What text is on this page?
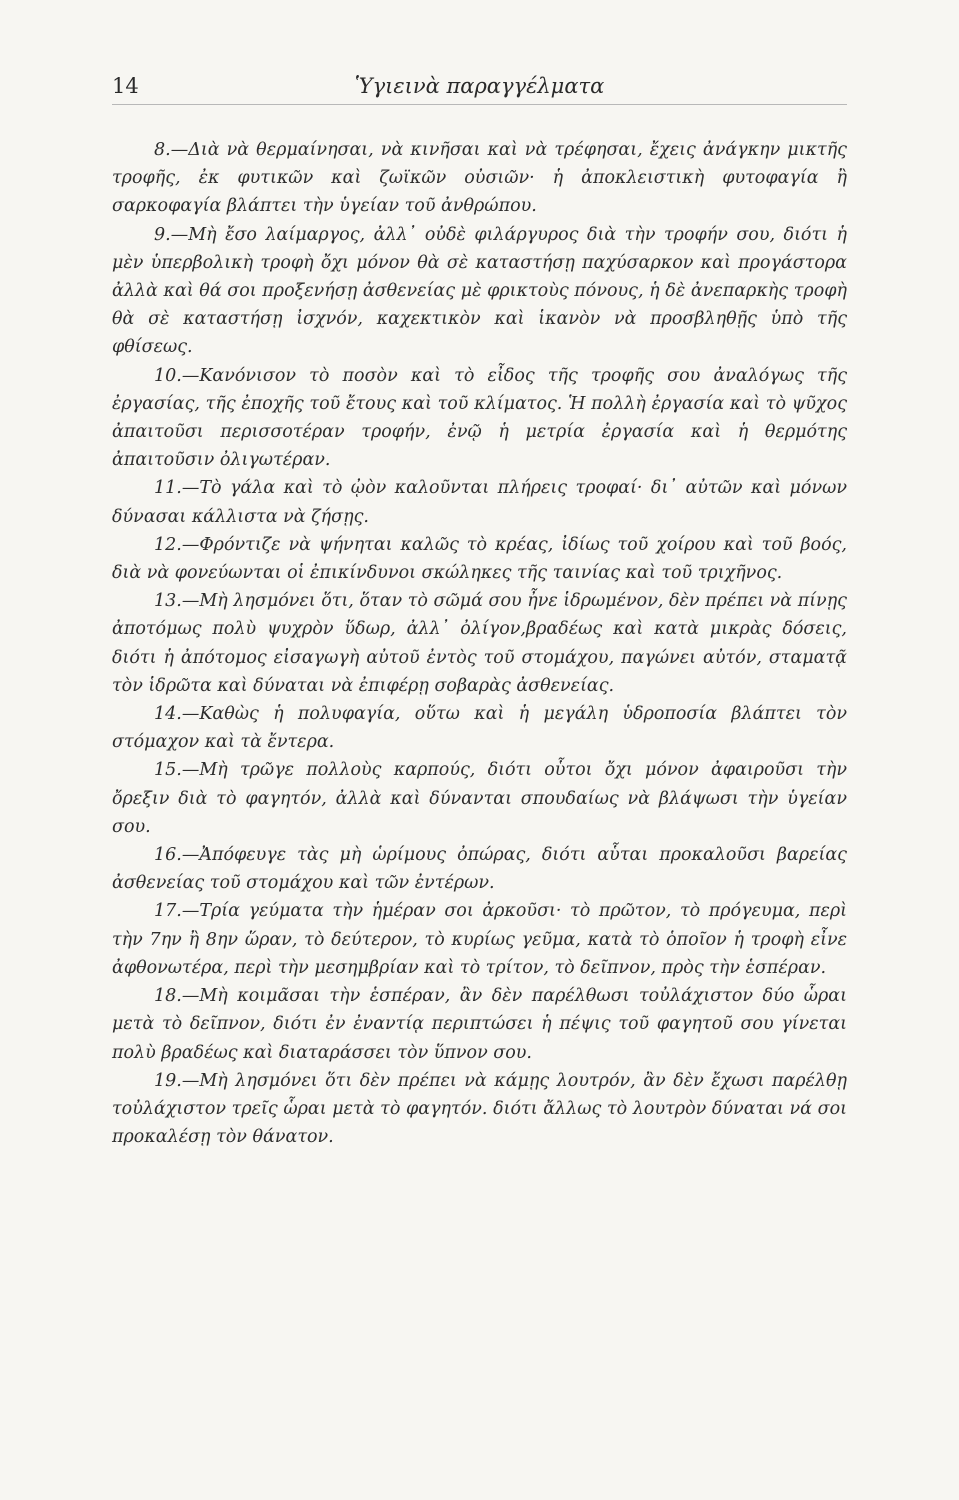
14	Ὑγιεινὰ παραγγέλματα

8.—Διὰ νὰ θερμαίνησαι, νὰ κινῆσαι καὶ νὰ τρέφησαι, ἔχεις ἀνάγκην μικτῆς τροφῆς, ἐκ φυτικῶν καὶ ζωϊκῶν οὐσιῶν· ἡ ἀποκλειστικὴ φυτοφαγία ἢ σαρκοφαγία βλάπτει τὴν ὑγείαν τοῦ ἀνθρώπου.

9.—Μὴ ἔσο λαίμαργος, ἀλλ᾽ οὐδὲ φιλάργυρος διὰ τὴν τροφήν σου, διότι ἡ μὲν ὑπερβολικὴ τροφὴ ὄχι μόνον θὰ σὲ καταστήσῃ παχύσαρκον καὶ προγάστορα ἀλλὰ καὶ θά σοι προξενήσῃ ἀσθενείας μὲ φρικτοὺς πόνους, ἡ δὲ ἀνεπαρκὴς τροφὴ θὰ σὲ καταστήσῃ ἰσχνόν, καχεκτικὸν καὶ ἱκανὸν νὰ προσβληθῇς ὑπὸ τῆς φθίσεως.

10.—Κανόνισον τὸ ποσὸν καὶ τὸ εἶδος τῆς τροφῆς σου ἀναλόγως τῆς ἐργασίας, τῆς ἐποχῆς τοῦ ἔτους καὶ τοῦ κλίματος. Ἡ πολλὴ ἐργασία καὶ τὸ ψῦχος ἀπαιτοῦσι περισσοτέραν τροφήν, ἐνῷ ἡ μετρία ἐργασία καὶ ἡ θερμότης ἀπαιτοῦσιν ὀλιγωτέραν.

11.—Τὸ γάλα καὶ τὸ ᾠὸν καλοῦνται πλήρεις τροφαί· δι᾽ αὐτῶν καὶ μόνων δύνασαι κάλλιστα νὰ ζήσῃς.

12.—Φρόντιζε νὰ ψήνηται καλῶς τὸ κρέας, ἰδίως τοῦ χοίρου καὶ τοῦ βοός, διὰ νὰ φονεύωνται οἱ ἐπικίνδυνοι σκώληκες τῆς ταινίας καὶ τοῦ τριχῆνος.

13.—Μὴ λησμόνει ὅτι, ὅταν τὸ σῶμά σου ἦνε ἱδρωμένον, δὲν πρέπει νὰ πίνῃς ἀποτόμως πολὺ ψυχρὸν ὕδωρ, ἀλλ᾽ ὀλίγον,βραδέως καὶ κατὰ μικρὰς δόσεις, διότι ἡ ἀπότομος εἰσαγωγὴ αὐτοῦ ἐντὸς τοῦ στομάχου, παγώνει αὐτόν, σταματᾷ τὸν ἱδρῶτα καὶ δύναται νὰ ἐπιφέρῃ σοβαρὰς ἀσθενείας.

14.—Καθὼς ἡ πολυφαγία, οὕτω καὶ ἡ μεγάλη ὑδροποσία βλάπτει τὸν στόμαχον καὶ τὰ ἔντερα.

15.—Μὴ τρῶγε πολλοὺς καρπούς, διότι οὗτοι ὄχι μόνον ἀφαιροῦσι τὴν ὄρεξιν διὰ τὸ φαγητόν, ἀλλὰ καὶ δύνανται σπουδαίως νὰ βλάψωσι τὴν ὑγείαν σου.

16.—Ἀπόφευγε τὰς μὴ ὡρίμους ὀπώρας, διότι αὗται προκαλοῦσι βαρείας ἀσθενείας τοῦ στομάχου καὶ τῶν ἐντέρων.

17.—Τρία γεύματα τὴν ἡμέραν σοι ἀρκοῦσι· τὸ πρῶτον, τὸ πρόγευμα, περὶ τὴν 7ην ἢ 8ην ὥραν, τὸ δεύτερον, τὸ κυρίως γεῦμα, κατὰ τὸ ὁποῖον ἡ τροφὴ εἶνε ἀφθονωτέρα, περὶ τὴν μεσημβρίαν καὶ τὸ τρίτον, τὸ δεῖπνον, πρὸς τὴν ἑσπέραν.

18.—Μὴ κοιμᾶσαι τὴν ἑσπέραν, ἂν δὲν παρέλθωσι τοὐλάχιστον δύο ὧραι μετὰ τὸ δεῖπνον, διότι ἐν ἐναντίᾳ περιπτώσει ἡ πέψις τοῦ φαγητοῦ σου γίνεται πολὺ βραδέως καὶ διαταράσσει τὸν ὕπνον σου.

19.—Μὴ λησμόνει ὅτι δὲν πρέπει νὰ κάμῃς λουτρόν, ἂν δὲν ἔχωσι παρέλθῃ τοὐλάχιστον τρεῖς ὧραι μετὰ τὸ φαγητόν. διότι ἄλλως τὸ λουτρὸν δύναται νά σοι προκαλέσῃ τὸν θάνατον.
